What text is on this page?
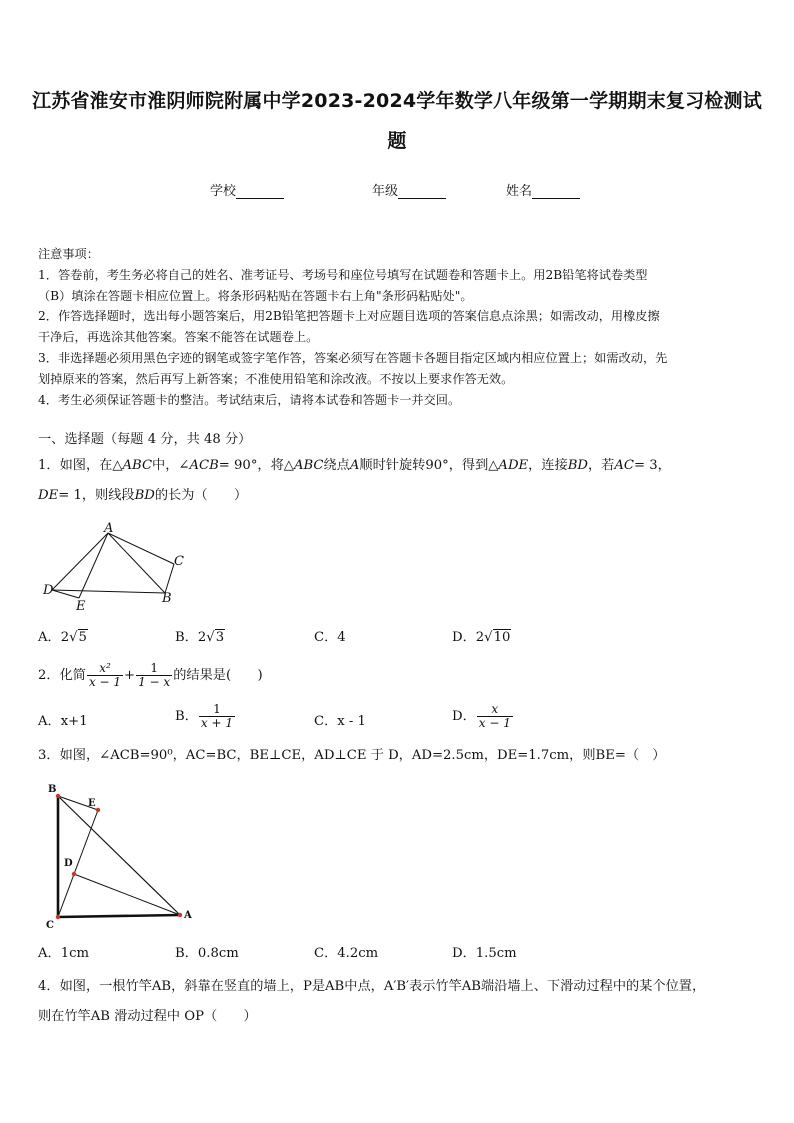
江苏省淮安市淮阴师院附属中学2023-2024学年数学八年级第一学期期末复习检测试
题
学校	年级	姓名

注意事项：

1．答卷前，考生务必将自己的姓名、准考证号、考场号和座位号填写在试题卷和答题卡上。用2B铅笔将试卷类型

（B）填涂在答题卡相应位置上。将条形码粘贴在答题卡右上角"条形码粘贴处"。

2．作答选择题时，选出每小题答案后，用2B铅笔把答题卡上对应题目选项的答案信息点涂黑；如需改动，用橡皮擦

干净后，再选涂其他答案。答案不能答在试题卷上。

3．非选择题必须用黑色字迹的钢笔或签字笔作答，答案必须写在答题卡各题目指定区域内相应位置上；如需改动，先

划掉原来的答案，然后再写上新答案；不准使用铅笔和涂改液。不按以上要求作答无效。

4．考生必须保证答题卡的整洁。考试结束后，请将本试卷和答题卡一并交回。

一、选择题（每题 4 分，共 48 分）

1．如图，在△ABC中，∠ACB= 90°，将△ABC绕点A顺时针旋转90°，得到△ADE，连接BD，若AC= 3，

DE= 1，则线段BD的长为（　　）

A
D
E
C
B
A．2√5	B．2√3	C．4	D．2√10

2．化简 $\frac{\text{x²}}{x - 1} + \frac{1}{1 - x}$ 的结果是(　　)

A．x+1	B． $\frac{1}{x + 1}$	C．x - 1	D． $\frac{x}{x - 1}$
3．如图，∠ACB=90⁰，AC=BC，BE⊥CE，AD⊥CE 于 D，AD=2.5cm，DE=1.7cm，则BE=（　）
B
E
D
C
A
A．1cm	B．0.8cm	C．4.2cm	D．1.5cm

4．如图，一根竹竿AB，斜靠在竖直的墙上，P是AB中点，A′B′表示竹竿AB端沿墙上、下滑动过程中的某个位置，

则在竹竿AB 滑动过程中 OP（　　）
